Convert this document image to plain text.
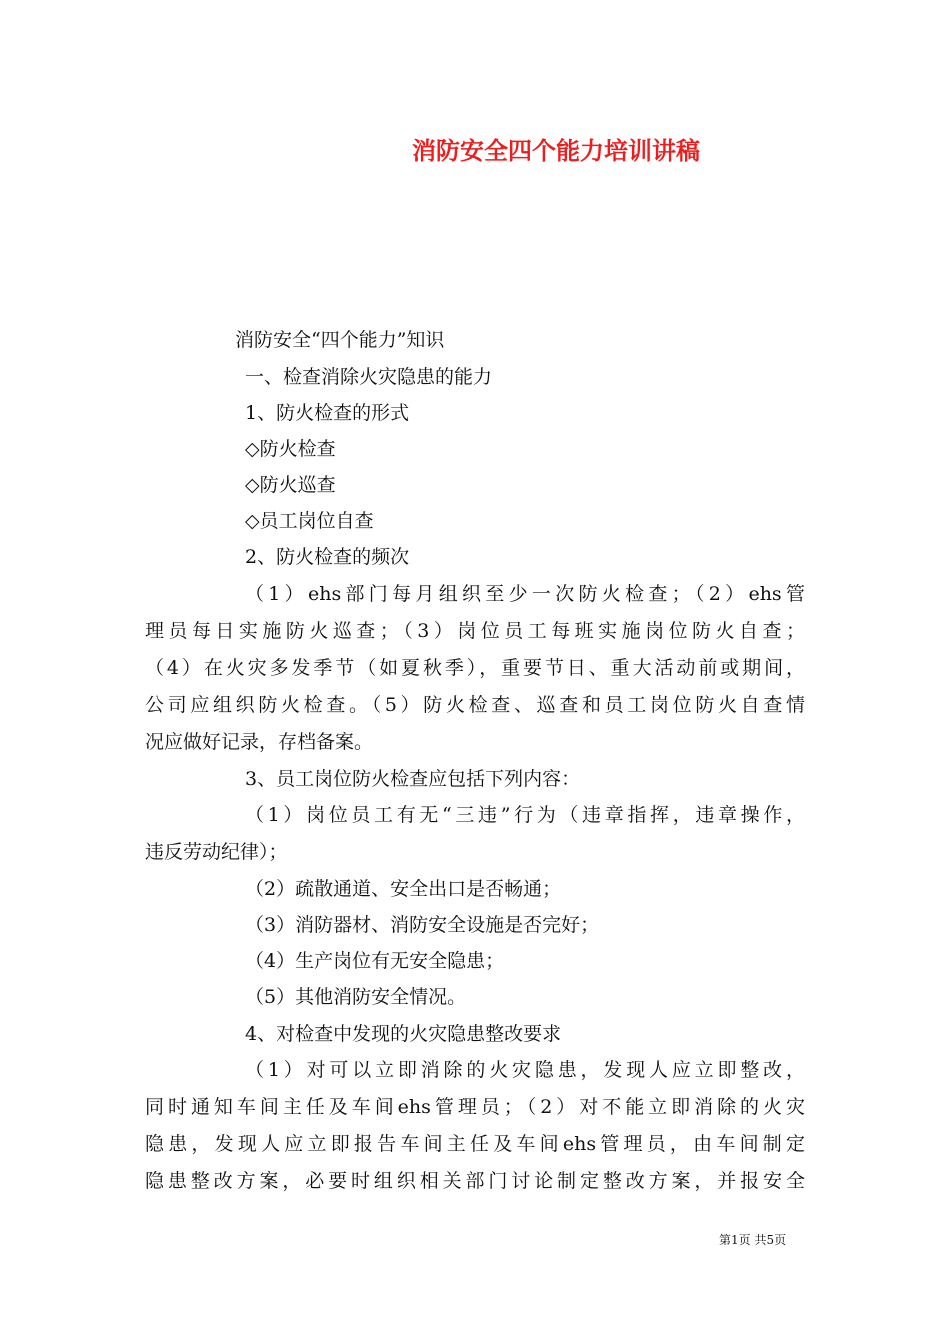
消防安全四个能力培训讲稿
消防安全“四个能力”知识
一、检查消除火灾隐患的能力
1、防火检查的形式
◇防火检查
◇防火巡查
◇员工岗位自查
2、防火检查的频次
（1）ehs部门每月组织至少一次防火检查；（2）ehs管
理员每日实施防火巡查；（3）岗位员工每班实施岗位防火自查；
（4）在火灾多发季节（如夏秋季），重要节日、重大活动前或期间，
公司应组织防火检查。（5）防火检查、巡查和员工岗位防火自查情
况应做好记录，存档备案。
3、员工岗位防火检查应包括下列内容：
（1）岗位员工有无“三违”行为（违章指挥，违章操作，
违反劳动纪律）；
（2）疏散通道、安全出口是否畅通；
（3）消防器材、消防安全设施是否完好；
（4）生产岗位有无安全隐患；
（5）其他消防安全情况。
4、对检查中发现的火灾隐患整改要求
（1）对可以立即消除的火灾隐患，发现人应立即整改，
同时通知车间主任及车间ehs管理员；（2）对不能立即消除的火灾
隐患，发现人应立即报告车间主任及车间ehs管理员，由车间制定
隐患整改方案，必要时组织相关部门讨论制定整改方案，并报安全
第1页 共5页
